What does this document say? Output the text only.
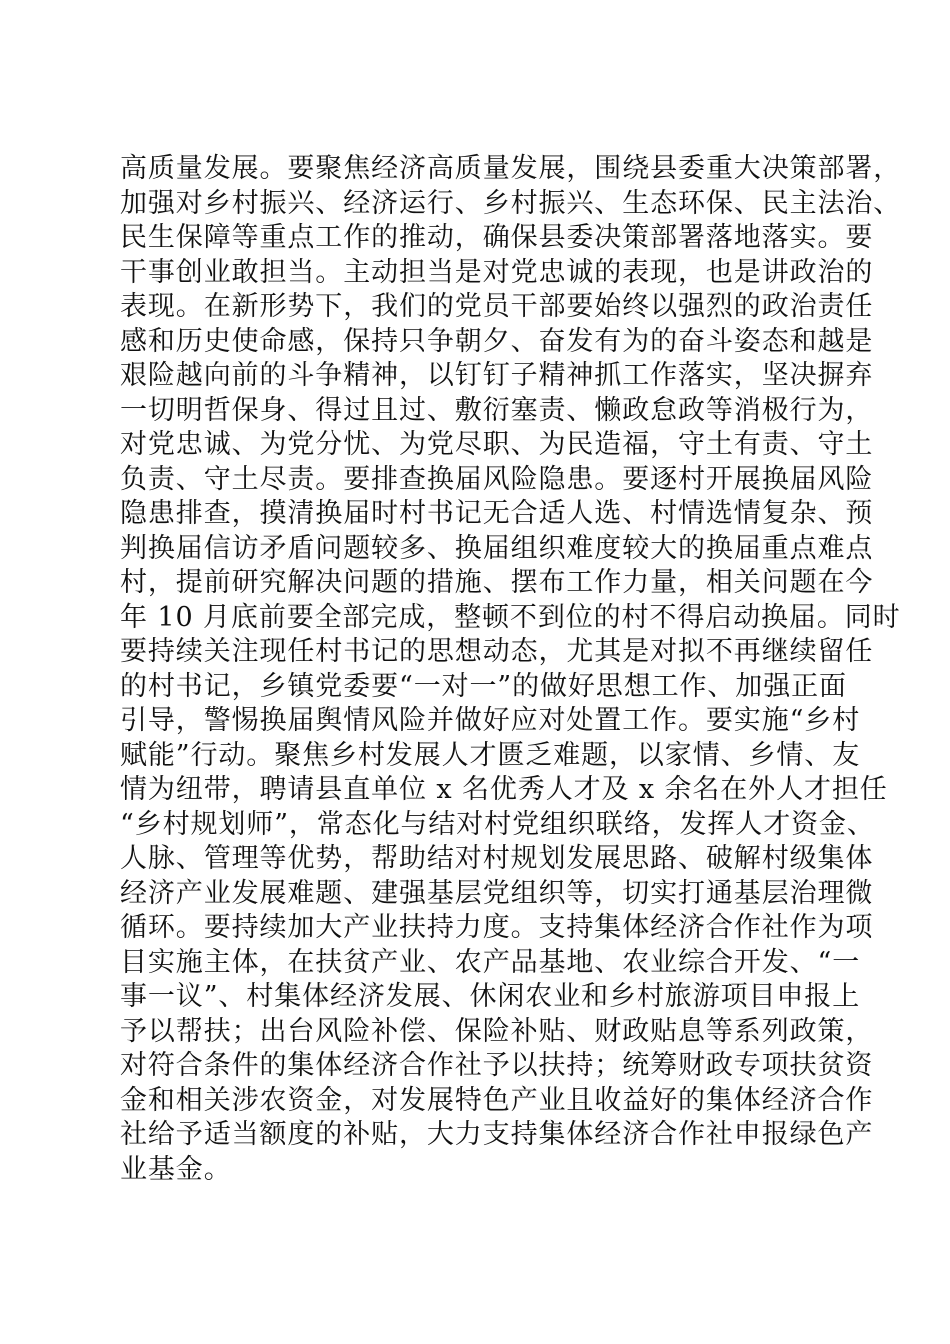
高质量发展。要聚焦经济高质量发展，围绕县委重大决策部署，
加强对乡村振兴、经济运行、乡村振兴、生态环保、民主法治、
民生保障等重点工作的推动，确保县委决策部署落地落实。要
干事创业敢担当。主动担当是对党忠诚的表现，也是讲政治的
表现。在新形势下，我们的党员干部要始终以强烈的政治责任
感和历史使命感，保持只争朝夕、奋发有为的奋斗姿态和越是
艰险越向前的斗争精神，以钉钉子精神抓工作落实，坚决摒弃
一切明哲保身、得过且过、敷衍塞责、懒政怠政等消极行为，
对党忠诚、为党分忧、为党尽职、为民造福，守土有责、守土
负责、守土尽责。要排查换届风险隐患。要逐村开展换届风险
隐患排查，摸清换届时村书记无合适人选、村情选情复杂、预
判换届信访矛盾问题较多、换届组织难度较大的换届重点难点
村，提前研究解决问题的措施、摆布工作力量，相关问题在今
年 10 月底前要全部完成，整顿不到位的村不得启动换届。同时
要持续关注现任村书记的思想动态，尤其是对拟不再继续留任
的村书记，乡镇党委要“一对一”的做好思想工作、加强正面
引导，警惕换届舆情风险并做好应对处置工作。要实施“乡村
赋能”行动。聚焦乡村发展人才匮乏难题，以家情、乡情、友
情为纽带，聘请县直单位 x 名优秀人才及 x 余名在外人才担任
“乡村规划师”，常态化与结对村党组织联络，发挥人才资金、
人脉、管理等优势，帮助结对村规划发展思路、破解村级集体
经济产业发展难题、建强基层党组织等，切实打通基层治理微
循环。要持续加大产业扶持力度。支持集体经济合作社作为项
目实施主体，在扶贫产业、农产品基地、农业综合开发、“一
事一议”、村集体经济发展、休闲农业和乡村旅游项目申报上
予以帮扶；出台风险补偿、保险补贴、财政贴息等系列政策，
对符合条件的集体经济合作社予以扶持；统筹财政专项扶贫资
金和相关涉农资金，对发展特色产业且收益好的集体经济合作
社给予适当额度的补贴，大力支持集体经济合作社申报绿色产
业基金。
